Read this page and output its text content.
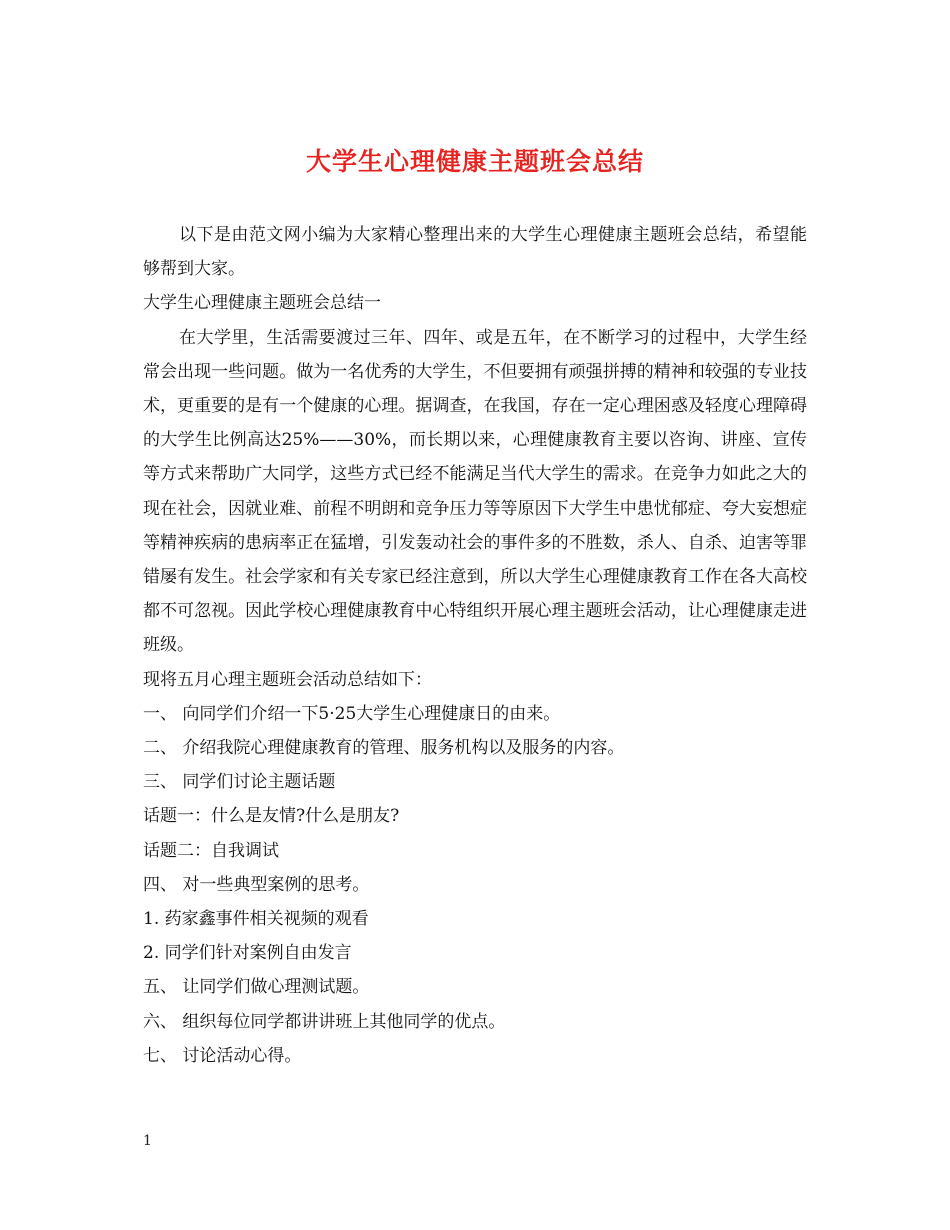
大学生心理健康主题班会总结

以下是由范文网小编为大家精心整理出来的大学生心理健康主题班会总结，希望能够帮到大家。

大学生心理健康主题班会总结一

在大学里，生活需要渡过三年、四年、或是五年，在不断学习的过程中，大学生经常会出现一些问题。做为一名优秀的大学生，不但要拥有顽强拼搏的精神和较强的专业技术，更重要的是有一个健康的心理。据调查，在我国，存在一定心理困惑及轻度心理障碍的大学生比例高达25%——30%，而长期以来，心理健康教育主要以咨询、讲座、宣传等方式来帮助广大同学，这些方式已经不能满足当代大学生的需求。在竞争力如此之大的现在社会，因就业难、前程不明朗和竞争压力等等原因下大学生中患忧郁症、夸大妄想症等精神疾病的患病率正在猛增，引发轰动社会的事件多的不胜数，杀人、自杀、迫害等罪错屡有发生。社会学家和有关专家已经注意到，所以大学生心理健康教育工作在各大高校都不可忽视。因此学校心理健康教育中心特组织开展心理主题班会活动，让心理健康走进班级。

现将五月心理主题班会活动总结如下：

一、 向同学们介绍一下5·25大学生心理健康日的由来。

二、 介绍我院心理健康教育的管理、服务机构以及服务的内容。

三、 同学们讨论主题话题

话题一：什么是友情?什么是朋友?

话题二：自我调试

四、 对一些典型案例的思考。

1. 药家鑫事件相关视频的观看

2. 同学们针对案例自由发言

五、 让同学们做心理测试题。

六、 组织每位同学都讲讲班上其他同学的优点。

七、 讨论活动心得。

1
